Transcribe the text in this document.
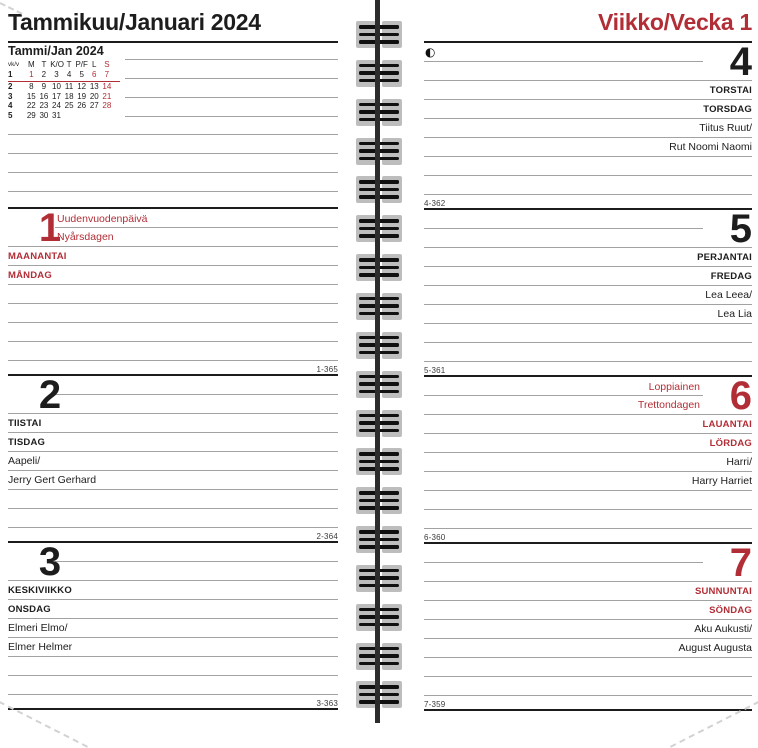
Tammikuu/Januari 2024
Tammi/Jan 2024
vk/v	M T K/O T P/F L S
1	1	2	3	4	5	6	7
2	8	9 10 11 12 13 14
3	15 16 17 18 19 20 21
4	22 23 24 25 26 27 28
5	29 30 31
Uudenvuodenpäivä
Nyårsdagen
1
MAANANTAI
MÅNDAG
1-365
2
TIISTAI
TISDAG
Aapeli/
Jerry Gert Gerhard
2-364
3
KESKIVIIKKO
ONSDAG
Elmeri Elmo/
Elmer Helmer
3-363
Viikko/Vecka 1
◐	4
TORSTAI
TORSDAG
Tiitus Ruut/
Rut Noomi Naomi
4-362
5
PERJANTAI
FREDAG
Lea Leea/
Lea Lia
5-361
Loppiainen
Trettondagen 6
LAUANTAI
LÖRDAG
Harri/
Harry Harriet
6-360
7
SUNNUNTAI
SÖNDAG
Aku Aukusti/
August Augusta
7-359
